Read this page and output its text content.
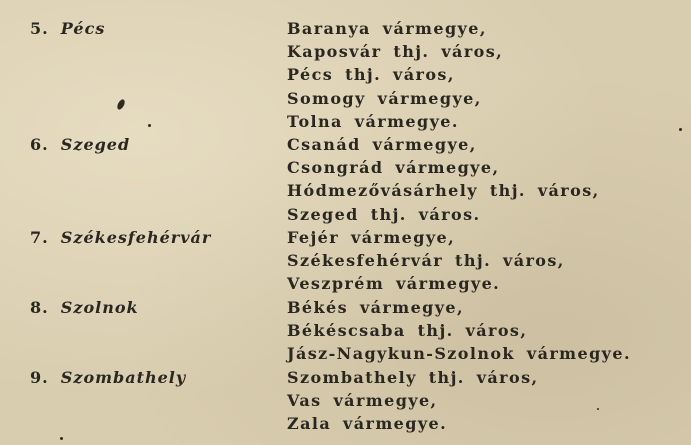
5. Pécs	Baranya vármegye,
Kaposvár thj. város,
Pécs thj. város,
Somogy vármegye,
Tolna vármegye.
6. Szeged	Csanád vármegye,
Csongrád vármegye,
Hódmezővásárhely thj. város,
Szeged thj. város.
7. Székesfehérvár	Fejér vármegye,
Székesfehérvár thj. város,
Veszprém vármegye.
8. Szolnok	Békés vármegye,
Békéscsaba thj. város,
Jász-Nagykun-Szolnok vármegye.
9. Szombathely	Szombathely thj. város,
Vas vármegye,
Zala vármegye.
